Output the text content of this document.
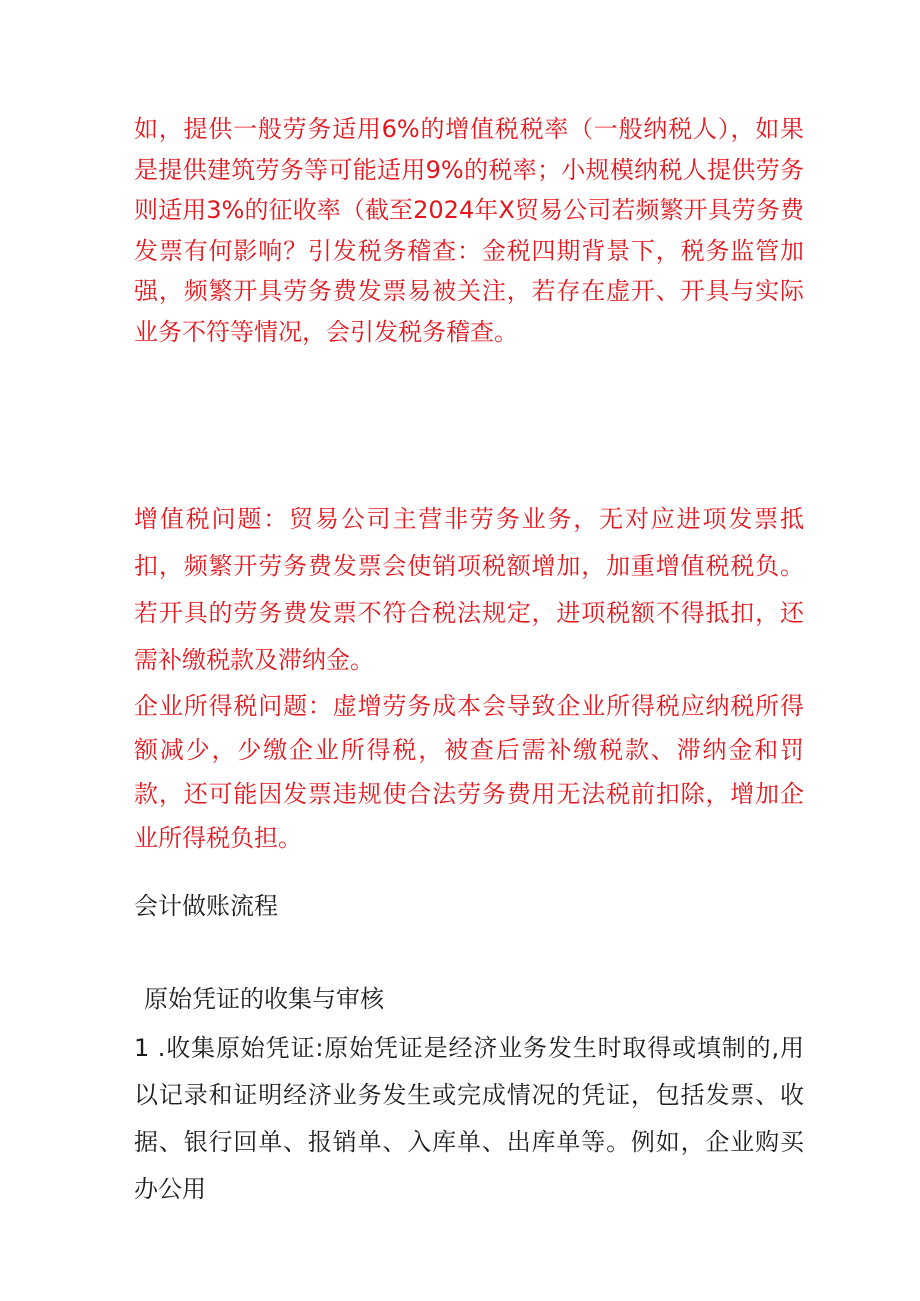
如，提供一般劳务适用6%的增值税税率（一般纳税人），如果是提供建筑劳务等可能适用9%的税率；小规模纳税人提供劳务则适用3%的征收率（截至2024年X贸易公司若频繁开具劳务费发票有何影响？引发税务稽查：金税四期背景下，税务监管加强，频繁开具劳务费发票易被关注，若存在虚开、开具与实际业务不符等情况，会引发税务稽查。

增值税问题：贸易公司主营非劳务业务，无对应进项发票抵扣，频繁开劳务费发票会使销项税额增加，加重增值税税负。若开具的劳务费发票不符合税法规定，进项税额不得抵扣，还需补缴税款及滞纳金。

企业所得税问题：虚增劳务成本会导致企业所得税应纳税所得额减少，少缴企业所得税，被查后需补缴税款、滞纳金和罚款，还可能因发票违规使合法劳务费用无法税前扣除，增加企业所得税负担。

会计做账流程

原始凭证的收集与审核

1 .收集原始凭证:原始凭证是经济业务发生时取得或填制的,用以记录和证明经济业务发生或完成情况的凭证，包括发票、收据、银行回单、报销单、入库单、出库单等。例如，企业购买办公用
